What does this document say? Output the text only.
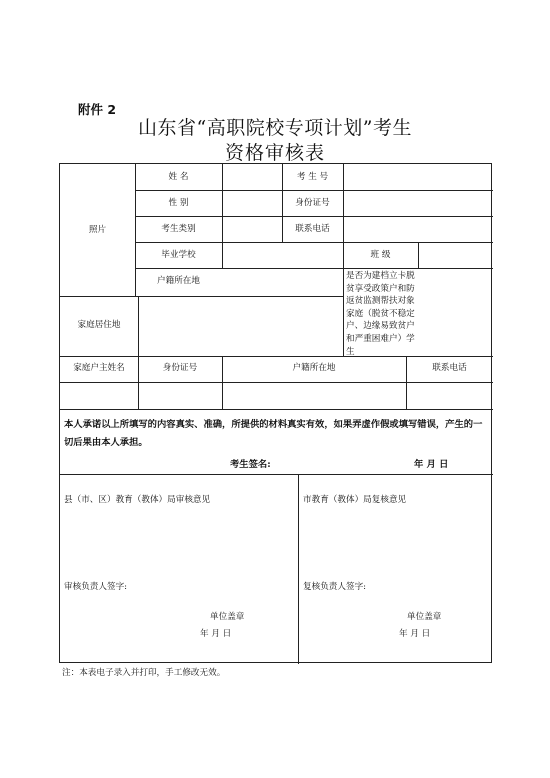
附件 2
山东省“高职院校专项计划”考生
资格审核表
照片
姓 名	考 生 号
性 别	身份证号
考生类别	联系电话
毕业学校	班 级
户籍所在地	是否为建档立卡脱贫享受政策户和防返贫监测帮扶对象家庭（脱贫不稳定户、边缘易致贫户和严重困难户）学生
家庭居住地
家庭户主姓名	身份证号	户籍所在地	联系电话
本人承诺以上所填写的内容真实、准确，所提供的材料真实有效，如果弄虚作假或填写错误，产生的一切后果由本人承担。
考生签名:	年 月 日
县（市、区）教育（教体）局审核意见	市教育（教体）局复核意见
审核负责人签字:	复核负责人签字:
单位盖章	单位盖章
年 月 日	年 月 日
注：本表电子录入并打印，手工修改无效。
